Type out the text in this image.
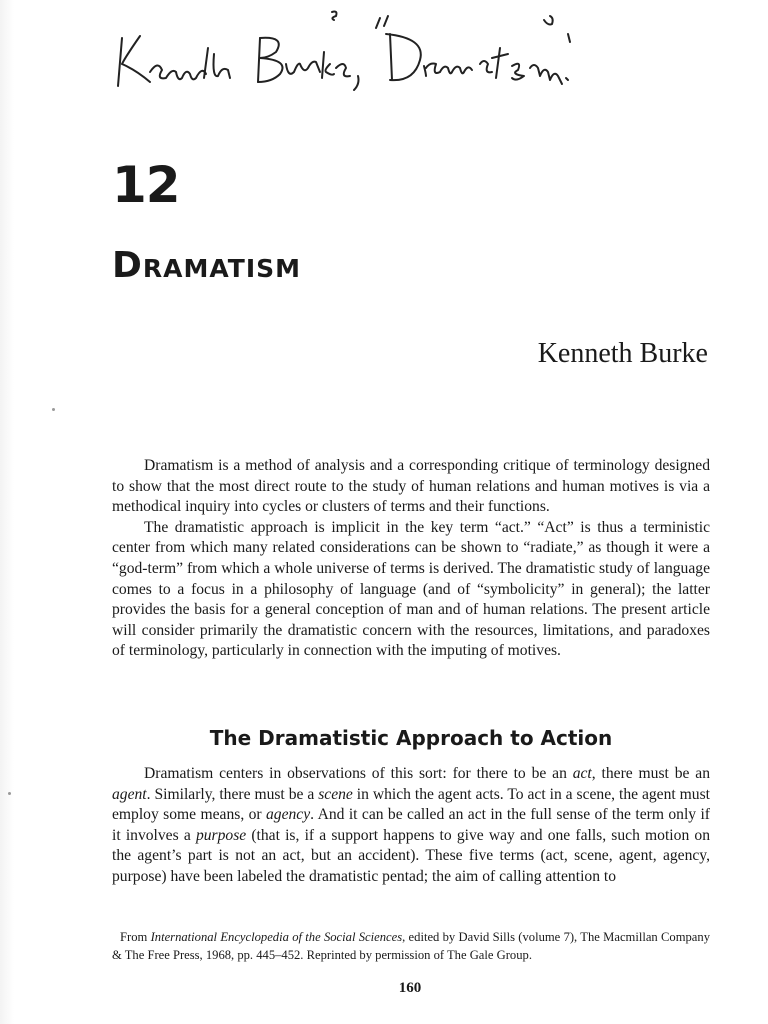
12
Dramatism
Kenneth Burke

Dramatism is a method of analysis and a corresponding critique of terminology designed to show that the most direct route to the study of human relations and human motives is via a methodical inquiry into cycles or clusters of terms and their functions.

The dramatistic approach is implicit in the key term “act.” “Act” is thus a terministic center from which many related considerations can be shown to “radiate,” as though it were a “god-term” from which a whole universe of terms is derived. The dramatistic study of language comes to a focus in a philosophy of language (and of “symbolicity” in general); the latter provides the basis for a general conception of man and of human relations. The present article will consider primarily the dramatistic concern with the resources, limitations, and paradoxes of terminology, particularly in connection with the imputing of motives.

The Dramatistic Approach to Action

Dramatism centers in observations of this sort: for there to be an act, there must be an agent. Similarly, there must be a scene in which the agent acts. To act in a scene, the agent must employ some means, or agency. And it can be called an act in the full sense of the term only if it involves a purpose (that is, if a support happens to give way and one falls, such motion on the agent’s part is not an act, but an accident). These five terms (act, scene, agent, agency, purpose) have been labeled the dramatistic pentad; the aim of calling attention to

From International Encyclopedia of the Social Sciences, edited by David Sills (volume 7), The Macmillan Company & The Free Press, 1968, pp. 445–452. Reprinted by permission of The Gale Group.

160
